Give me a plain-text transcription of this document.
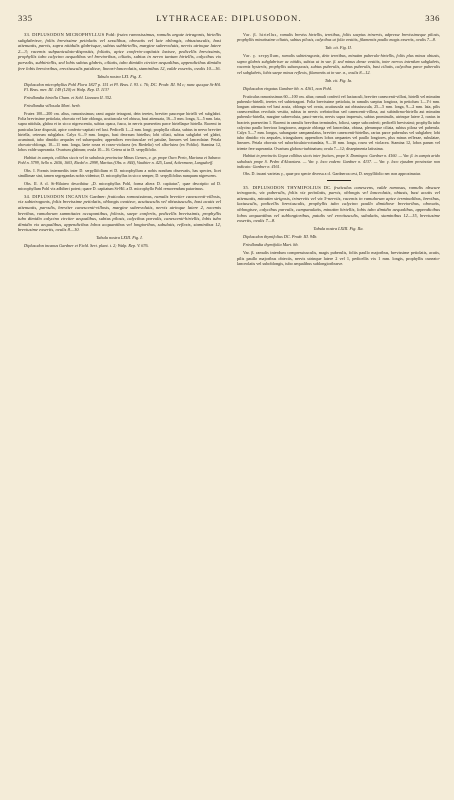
335	LYTHRACEAE: DIPLUSODON.	336

33. DIPLUSODON MICROPHYLLUS Pohl: frutex ramosissimus, ramulis argute tetragonis, hirtellis subglabrisve, foliis brevissime petiolatis vel sessilibus, obovatis vel late oblongis, obtusiusculis, basi attenuatis, parvis, supra nitidulis glabrisque, subtus subhirtellis, margine subrevolutis, nervis utrinque latere 2—3; racemis subpaniculato-dispositis, foliatis, apice conferto-capitatis laxisve, pedicellis brevissimis, prophyllis tubo calycino aequalibus vel brevioribus, ciliatis, subtus in nervo tantum hirtellis, calycibus vix parvulis, subhirtellis, sed lobis subtus glabris, ciliatis, tubo dimidio circiter aequalibus, appendicibus dimidio fere lobis brevioribus, erectiusculis patulisve, lineari-lanceolatis, staminibus 12, valde exsertis, ovulis 10—16.

Tabula nostra LXI. Fig. X.

Diplusodon microphyllus Pohl Flora 1827 p. 151 et Pl. Bras. I. 93. t. 76; DC. Prodr. III. 94 c; nunc quoque St-Hil. Fl. Bras. mer. III. 149 (120) et Walp. Rep. II. 113?

Friedlandia hirtella Cham. et Schl. Linnaea II. 352.

Friedlandia villosula Mart. herb.

Frutex 100—200 cm. altus, ramosissimus; rami argute tetragoni, dein teretes, breviter pauceque hirtelli vel subglabri. Folia brevissime petiolata, obovata vel late oblonga, acutiuscula vel obtusa, basi attenuata, 16—5 mm. longa, 3—5 mm. lata, supra nitidula, glabra et in sicco nigrescentia, subtus opaca, fusca, in nervis praesertim parce hirtellaque hirtella. Racemi in paniculas laxe dispositi, apice conferto-capitati vel laxi. Pedicelli 1—2 mm. longi; prophylla ciliata, subtus in nervo breviter hirtella, ceterum subglabra. Calyx 6—9 mm. longus, basi deorsum hirtellus; lobi ciliati, subtus subglabri vel glabri, acuminati, tubo dimidio aequales vel subaequales; appendices erectiusculae vel patulae, lineares vel lanceolatae. Petala obovato-oblonga, 10—11 mm. longa, laete rosea et roseo-violacea (ex Riedelio) vel albo-lutea (ex Pohlio). Stamina 12, lobos valde superantia. Ovarium glabrum; ovula 10—16. Cetera ut in D. serpyllifolio.

Habitat in campis, collibus siccis vel in sabulosis provinciae Minas Geraes, e. gr. prope Ouro Preto, Mariana et Sabara: Pohl n. 5799, Sello n. 2656, 1603, Riedel n. 2998, Martius (Obs. n. 844), Vauthier n. 425, Lund, Ackermann, Langsdorff.

Obs. I. Formis intermediis inter D. serpyllifolium et D. microphyllum a nobis nondum observatis, has species, licet simillimae sint, tamen segregandas nobis videntur; D. microphyllus in sicco semper, D. serpyllifolius nunquam nigrescens.

Obs. II. A cl. St-Hilaireo describitur „D. microphyllus Pohl, forma altera D. capitatus”, quae descriptio ad D. microphyllum Pohl vix adhiberi potest; quare D. capitatum St-Hil. a D. microphyllo Pohl removendum putavimus.

34. DIPLUSODON INCANUS Gardner: fruticulus ramosissimus, ramulis breviter canescenti-villosis, vix subtetragonis, foliis brevissime petiolatis, oblongis ovatisve, acutiusculis vel obtusiusculis, basi acutis vel attenuatis, parvulis, breviter canescenti-villosis, margine subrevolutis, nervis utrinque latere 2, racemis brevibus, ramulorum summitates occupantibus, foliosis, saepe confertis, pedicellis brevissimis, prophyllis tubo dimidio calycino circiter aequalibus, subtus pilosis, calycibus parvulis, canescenti-hirtellis, lobis tubo dimidio vix aequalibus, appendicibus lobos acquantibus vel longioribus, subulatis, reflexis, staminibus 12, breviusime exsertis, ovulis 8—10.

Tabula nostra LXIII. Fig. I.

Diplusodon incanus Gardner et Field. Sert. plant. t. 2; Walp. Rep. V. 676.

Var. β. hirtellus, ramulis breviss hirtellis, teretibus, foliis saepius trinervis, adpresse brevissimeque pilosis, prophyllis minutissime ciliatis, subtus pilosis, calycibus ut folia vestitis, filamentis paullo magis exsertis, ovulis 7—8.

Tab. cit. Fig. II.

Var. γ. serpyllum, ramulis subtetragonis, dein teretibus, minutim puberulo-hirtellis, foliis plus minus obtusis, supra glabris subglabrisve ac nitidis, subtus ut in var. β. sed minus dense vestitis, inter nervos interdum subglabris, racemis hysteriis, prophyllis subaequosis, subtus puberulis, subtus puberulis, basi ciliatis, calycibus parce puberulis vel subglabris, lobis saepe minus reflexis, filamentis ut in var. α., ovulis 8—12.

Tab. cit. Fig. Ia.

Diplusodon virgatus Gardner hb. n. 4161, non Pohl.

Fruticulus ramosissimus 60—100 cm. altus; ramuli confertí vel laxiusculi, breviter canescenti-villosi, hirtelli vel minutim puberulo-hirtelli, teretes vel subtetragoni. Folia brevissime petiolata, in ramulis saepius longiora, in petiolum 1—1½ mm. longum attenuata vel basi acuta, oblonga vel ovata, acutiuscula aut obtusiuscula, 25—5 mm. longa, 9—2 mm. lata, pilis canescentibus revolutis vestita, subtus in nervis crebrioribus sed canescenti-villosa, aut subinfirmo-hirtella aut minutim puberulo-hirtella, margine subrevoluta, pauci-nervia, nervis supra impressis, subtus prominulis, utrinque latere 2, ranius in bracteis praesertim 1. Racemi in ramulis brevibus terminales, foliosi, saepe subconferti; pedicelli brevissimi; prophylla tubo calycino paullo breviora longioravo, anguste oblonga vel lanceolata, obtusa, plerumque ciliata, subtus pilosa vel puberula. Calyx 5—7 mm. longus, subanguste campanulatus, breviter canescenti-hirtellus, rarius parce puberulus vel subglaber; lobi tubo dimidio vix aequales, triangulares; appendices lobos aequantes vel paullo longiores, plus minus reflexae, subulatae, lineares. Petala obovata vel suborbiculato-rotundata, 9—10 mm. longa, rosea vel violacea. Stamina 12, lobos parum vel triente fere superantia. Ovarium globoso-turbinatum; ovula 7—12; dissepimenta latissima.

Habitat in provinciis Goyaz collibus siccis inter frutices, prope S. Domingos: Gardner n. 4160. — Var. β. in campis arido sabulosis prope S. Pedro d'Alcantara. — Var. γ. loco eodem: Gardner n. 4137. — Var. γ. loco ejusdem provinciae non indicato: Gardner n. 4161.

Obs. D. incani varietas γ., quae pro specie diversa a cl. Gardneroa cest, D. serpyllifolio nec non approximatur.

35. DIPLUSODON THYMIFOLIUS DC. fruticulus canescens, valde ramosus, ramulis obscure tetragonis, vix puberulis, foliis vix petiolatis, parvis, oblongis vel lanceolatis, obtusis, basi acutis vel attenuatis, minutim strigosis, trinerviis vel vix 5-nerviis, racemis in ramulorum apice terminalibus, brevibus, laxiusculis, pedicellis breviusculis, prophyllis tubo calycino paullo dimidiove brevioribus, obovatis, oblongisve, calycibus parvulis, campanulatis, minutim hirtellis, lobis tubo dimidio aequalibus, appendicibus lobos aequantibus vel sublongioribus, patulis vel erectiusculis, subulatis, staminibus 12—15, breviusime exsertis, ovulis 7—8.

Tabula nostra LXIII. Fig. IIa.

Diplusodon thymifolius DC. Prodr. III. 94b.

Friedlandia thymifolia Mart. hb.

Var. β. ramulis interdum compressiusculis, magis puberulis, foliis paullo majoribus, brevissime petiolatis, acutis, pilis paullo majoribus obtectis, nervis utrinque latere 2 vel 1, pedicellis vix 1 mm. longis, prophyllis cuneato-lanceolatis vel suboblongis, tubo aequalibus sublongioribusve.
